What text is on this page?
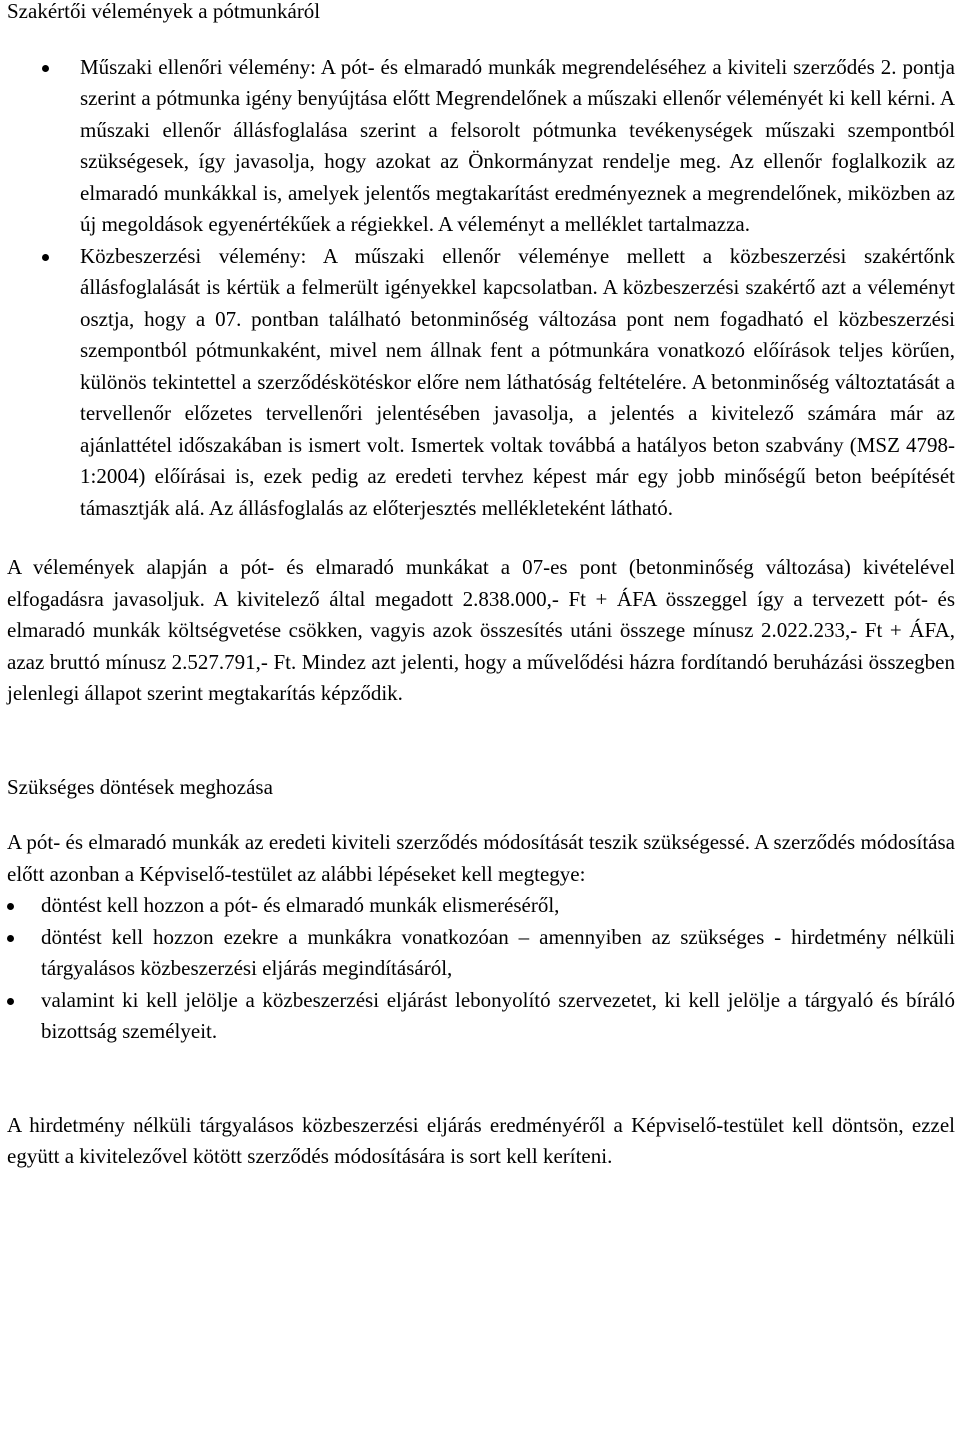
Szakértői vélemények a pótmunkáról
Műszaki ellenőri vélemény: A pót- és elmaradó munkák megrendeléséhez a kiviteli szerződés 2. pontja szerint a pótmunka igény benyújtása előtt Megrendelőnek a műszaki ellenőr véleményét ki kell kérni. A műszaki ellenőr állásfoglalása szerint a felsorolt pótmunka tevékenységek műszaki szempontból szükségesek, így javasolja, hogy azokat az Önkormányzat rendelje meg. Az ellenőr foglalkozik az elmaradó munkákkal is, amelyek jelentős megtakarítást eredményeznek a megrendelőnek, miközben az új megoldások egyenértékűek a régiekkel. A véleményt a melléklet tartalmazza.
Közbeszerzési vélemény: A műszaki ellenőr véleménye mellett a közbeszerzési szakértőnk állásfoglalását is kértük a felmerült igényekkel kapcsolatban. A közbeszerzési szakértő azt a véleményt osztja, hogy a 07. pontban található betonminőség változása pont nem fogadható el közbeszerzési szempontból pótmunkaként, mivel nem állnak fent a pótmunkára vonatkozó előírások teljes körűen, különös tekintettel a szerződéskötéskor előre nem láthatóság feltételére. A betonminőség változtatását a tervellenőr előzetes tervellenőri jelentésében javasolja, a jelentés a kivitelező számára már az ajánlattétel időszakában is ismert volt. Ismertek voltak továbbá a hatályos beton szabvány (MSZ 4798-1:2004) előírásai is, ezek pedig az eredeti tervhez képest már egy jobb minőségű beton beépítését támasztják alá. Az állásfoglalás az előterjesztés mellékleteként látható.

A vélemények alapján a pót- és elmaradó munkákat a 07-es pont (betonminőség változása) kivételével elfogadásra javasoljuk. A kivitelező által megadott 2.838.000,- Ft + ÁFA összeggel így a tervezett pót- és elmaradó munkák költségvetése csökken, vagyis azok összesítés utáni összege mínusz 2.022.233,- Ft + ÁFA, azaz bruttó mínusz 2.527.791,- Ft. Mindez azt jelenti, hogy a művelődési házra fordítandó beruházási összegben jelenlegi állapot szerint megtakarítás képződik.

Szükséges döntések meghozása

A pót- és elmaradó munkák az eredeti kiviteli szerződés módosítását teszik szükségessé. A szerződés módosítása előtt azonban a Képviselő-testület az alábbi lépéseket kell megtegye:

döntést kell hozzon a pót- és elmaradó munkák elismeréséről,
döntést kell hozzon ezekre a munkákra vonatkozóan – amennyiben az szükséges - hirdetmény nélküli tárgyalásos közbeszerzési eljárás megindításáról,
valamint ki kell jelölje a közbeszerzési eljárást lebonyolító szervezetet, ki kell jelölje a tárgyaló és bíráló bizottság személyeit.

A hirdetmény nélküli tárgyalásos közbeszerzési eljárás eredményéről a Képviselő-testület kell döntsön, ezzel együtt a kivitelezővel kötött szerződés módosítására is sort kell keríteni.
